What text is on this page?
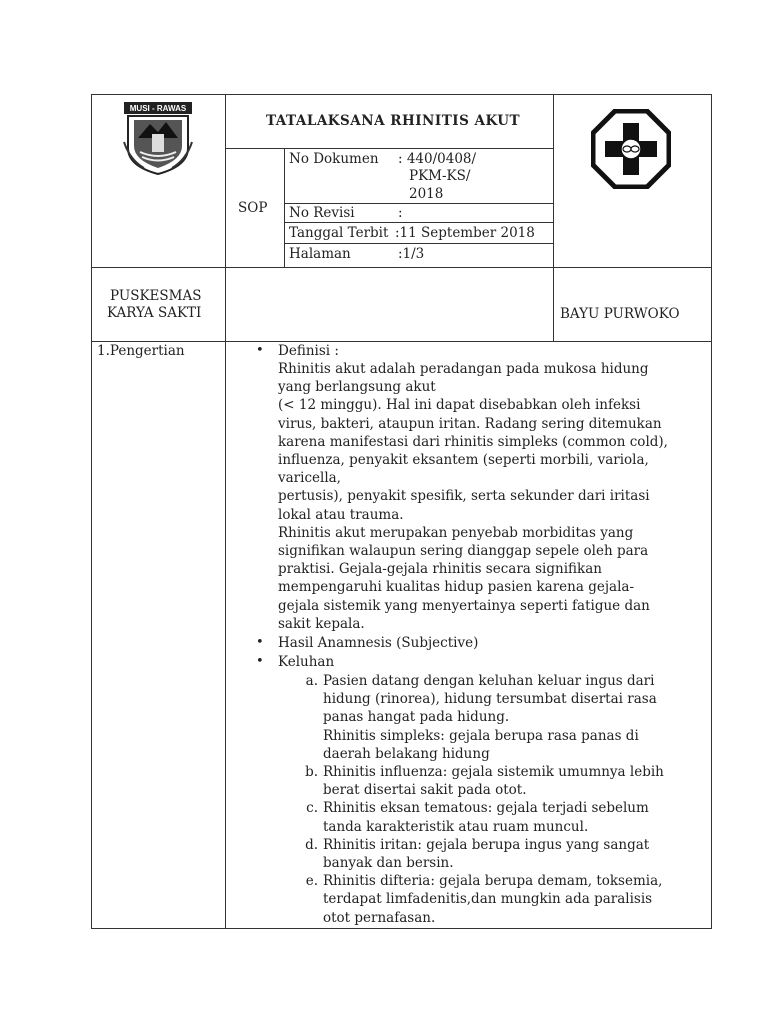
MUSI - RAWAS
TATALAKSANA RHINITIS AKUT
SOP
No Dokumen : 440/0408/
PKM-KS/
2018
No Revisi	:
Tanggal Terbit :11 September 2018
Halaman	:1/3
PUSKESMAS
KARYA SAKTI	BAYU PURWOKO
1.Pengertian	• Definisi :
Rhinitis akut adalah peradangan pada mukosa hidung
yang berlangsung akut
(< 12 minggu). Hal ini dapat disebabkan oleh infeksi
virus, bakteri, ataupun iritan. Radang sering ditemukan
karena manifestasi dari rhinitis simpleks (common cold),
influenza, penyakit eksantem (seperti morbili, variola,
varicella,
pertusis), penyakit spesifik, serta sekunder dari iritasi
lokal atau trauma.
Rhinitis akut merupakan penyebab morbiditas yang
signifikan walaupun sering dianggap sepele oleh para
praktisi. Gejala-gejala rhinitis secara signifikan
mempengaruhi kualitas hidup pasien karena gejala-
gejala sistemik yang menyertainya seperti fatigue dan
sakit kepala.
• Hasil Anamnesis (Subjective)
• Keluhan
a. Pasien datang dengan keluhan keluar ingus dari
hidung (rinorea), hidung tersumbat disertai rasa
panas hangat pada hidung.
Rhinitis simpleks: gejala berupa rasa panas di
daerah belakang hidung
b. Rhinitis influenza: gejala sistemik umumnya lebih
berat disertai sakit pada otot.
c. Rhinitis eksan tematous: gejala terjadi sebelum
tanda karakteristik atau ruam muncul.
d. Rhinitis iritan: gejala berupa ingus yang sangat
banyak dan bersin.
e. Rhinitis difteria: gejala berupa demam, toksemia,
terdapat limfadenitis,dan mungkin ada paralisis
otot pernafasan.
